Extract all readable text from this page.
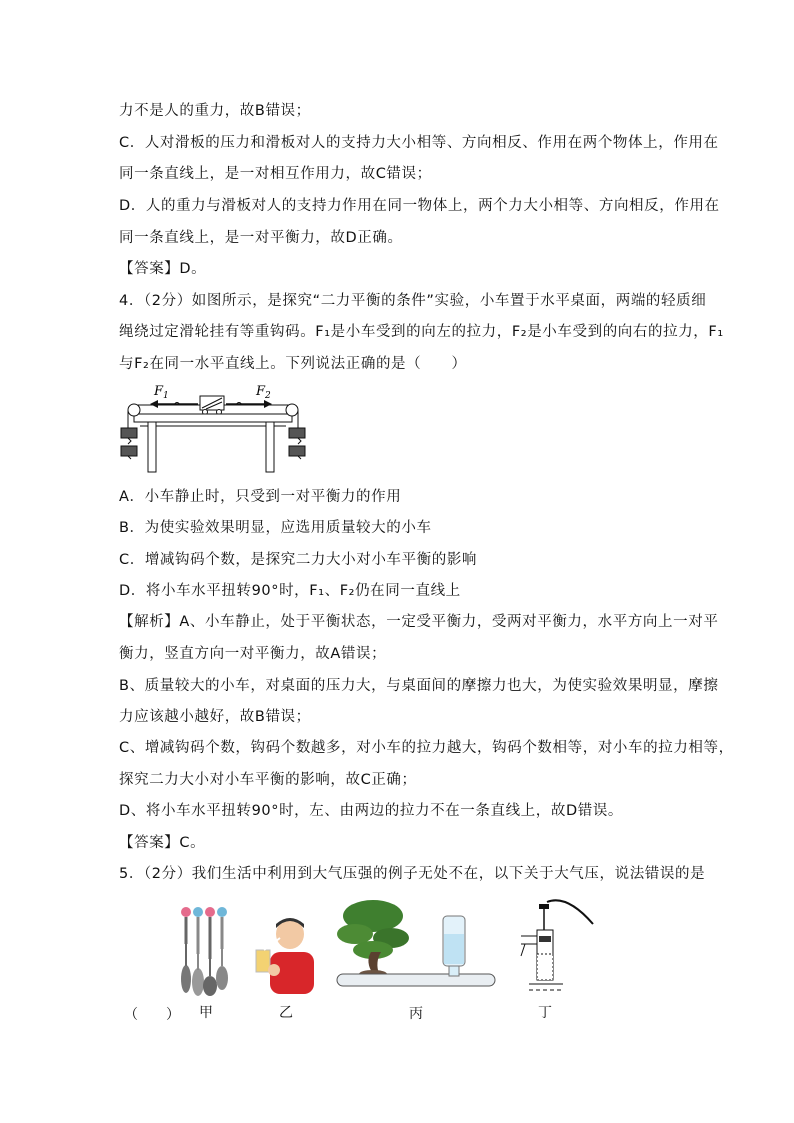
力不是人的重力，故B错误；
C．人对滑板的压力和滑板对人的支持力大小相等、方向相反、作用在两个物体上，作用在
同一条直线上，是一对相互作用力，故C错误；
D．人的重力与滑板对人的支持力作用在同一物体上，两个力大小相等、方向相反，作用在
同一条直线上，是一对平衡力，故D正确。
【答案】D。
4．（2分）如图所示，是探究“二力平衡的条件”实验，小车置于水平桌面，两端的轻质细
绳绕过定滑轮挂有等重钩码。F₁是小车受到的向左的拉力，F₂是小车受到的向右的拉力，F₁
与F₂在同一水平直线上。下列说法正确的是（　　）
$F_1$	$F_2$
A．小车静止时，只受到一对平衡力的作用
B．为使实验效果明显，应选用质量较大的小车
C．增减钩码个数，是探究二力大小对小车平衡的影响
D．将小车水平扭转90°时，F₁、F₂仍在同一直线上
【解析】A、小车静止，处于平衡状态，一定受平衡力，受两对平衡力，水平方向上一对平
衡力，竖直方向一对平衡力，故A错误；
B、质量较大的小车，对桌面的压力大，与桌面间的摩擦力也大，为使实验效果明显，摩擦
力应该越小越好，故B错误；
C、增减钩码个数，钩码个数越多，对小车的拉力越大，钩码个数相等，对小车的拉力相等，
探究二力大小对小车平衡的影响，故C正确；
D、将小车水平扭转90°时，左、由两边的拉力不在一条直线上，故D错误。
【答案】C。
5．（2分）我们生活中利用到大气压强的例子无处不在，以下关于大气压，说法错误的是
（　　） 甲	乙	丙	丁
